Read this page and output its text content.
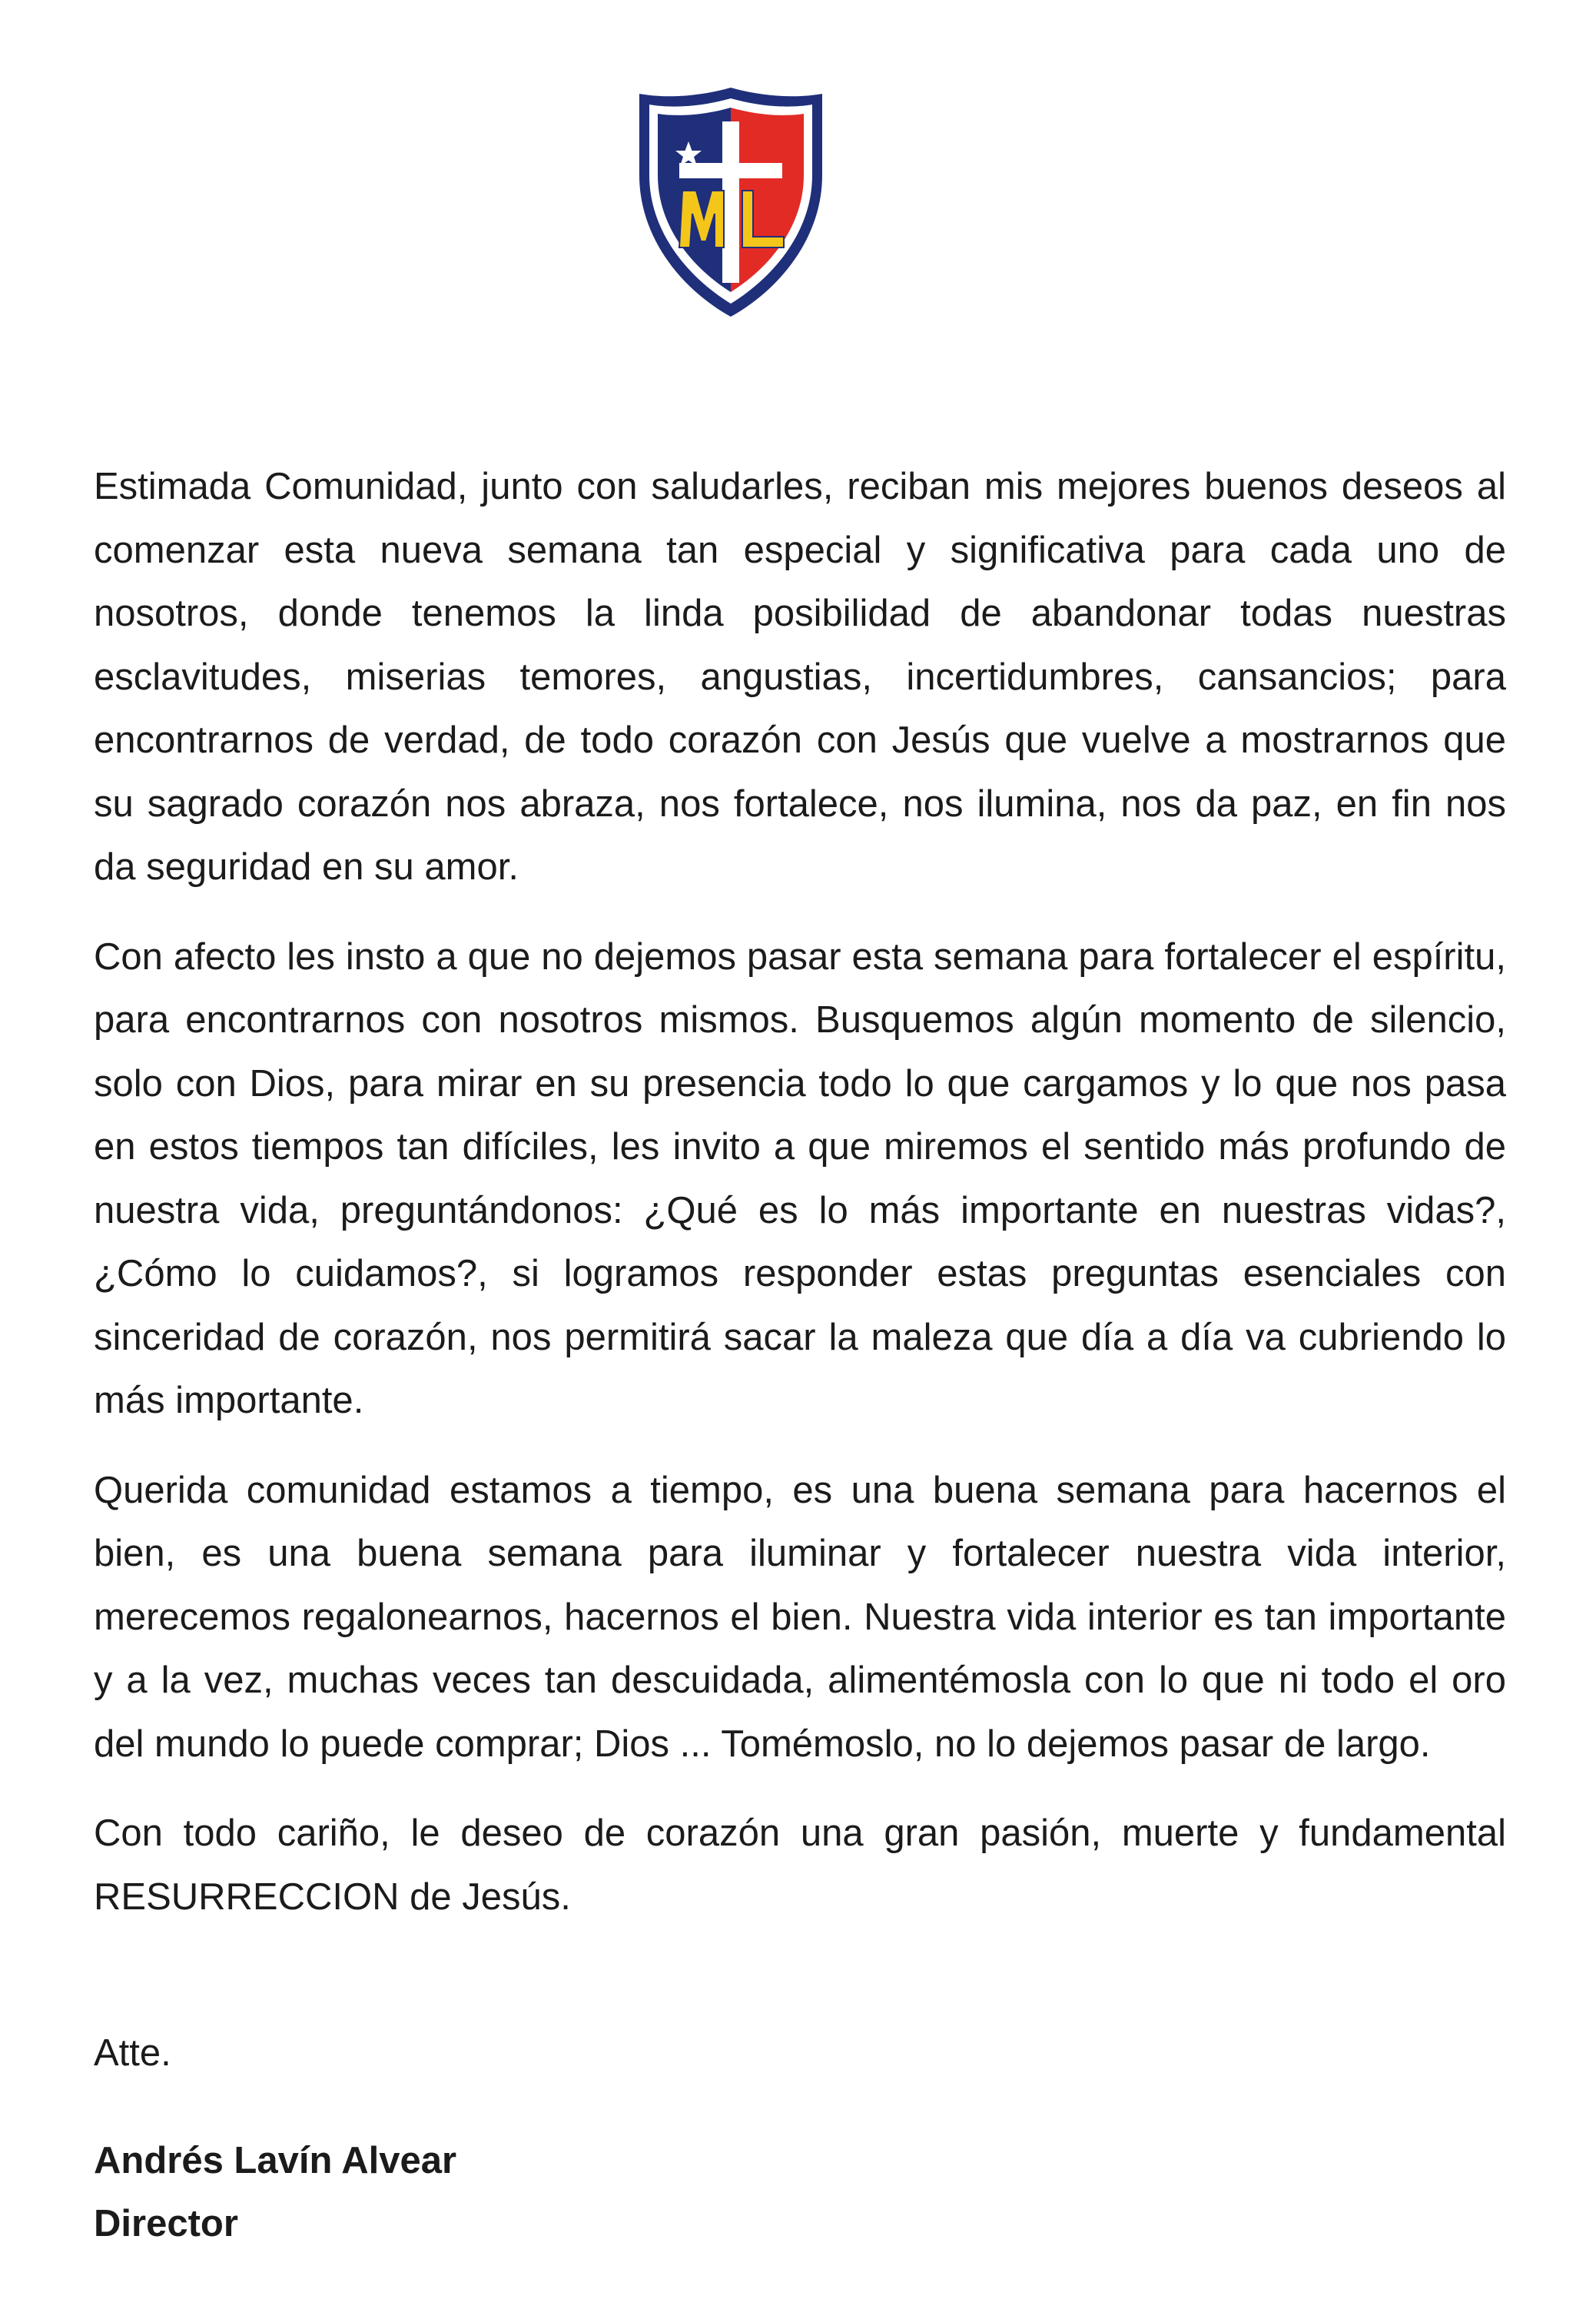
Estimada Comunidad, junto con saludarles, reciban mis mejores buenos deseos al comenzar esta nueva semana tan especial y significativa para cada uno de nosotros, donde tenemos la linda posibilidad de abandonar todas nuestras esclavitudes, miserias temores, angustias, incertidumbres, cansancios; para encontrarnos de verdad, de todo corazón con Jesús que vuelve a mostrarnos que su sagrado corazón nos abraza, nos fortalece, nos ilumina, nos da paz, en fin nos da seguridad en su amor.

Con afecto les insto a que no dejemos pasar esta semana para fortalecer el espíritu, para encontrarnos con nosotros mismos. Busquemos algún momento de silencio, solo con Dios, para mirar en su presencia todo lo que cargamos y lo que nos pasa en estos tiempos tan difíciles, les invito a que miremos el sentido más profundo de nuestra vida, preguntándonos: ¿Qué es lo más importante en nuestras vidas?, ¿Cómo lo cuidamos?, si logramos responder estas preguntas esenciales con sinceridad de corazón, nos permitirá sacar la maleza que día a día va cubriendo lo más importante.

Querida comunidad estamos a tiempo, es una buena semana para hacernos el bien, es una buena semana para iluminar y fortalecer nuestra vida interior, merecemos regalonearnos, hacernos el bien. Nuestra vida interior es tan importante y a la vez, muchas veces tan descuidada, alimentémosla con lo que ni todo el oro del mundo lo puede comprar; Dios ... Tomémoslo, no lo dejemos pasar de largo.

Con todo cariño, le deseo de corazón una gran pasión, muerte y fundamental RESURRECCION de Jesús.

Atte.
Andrés Lavín Alvear
Director
